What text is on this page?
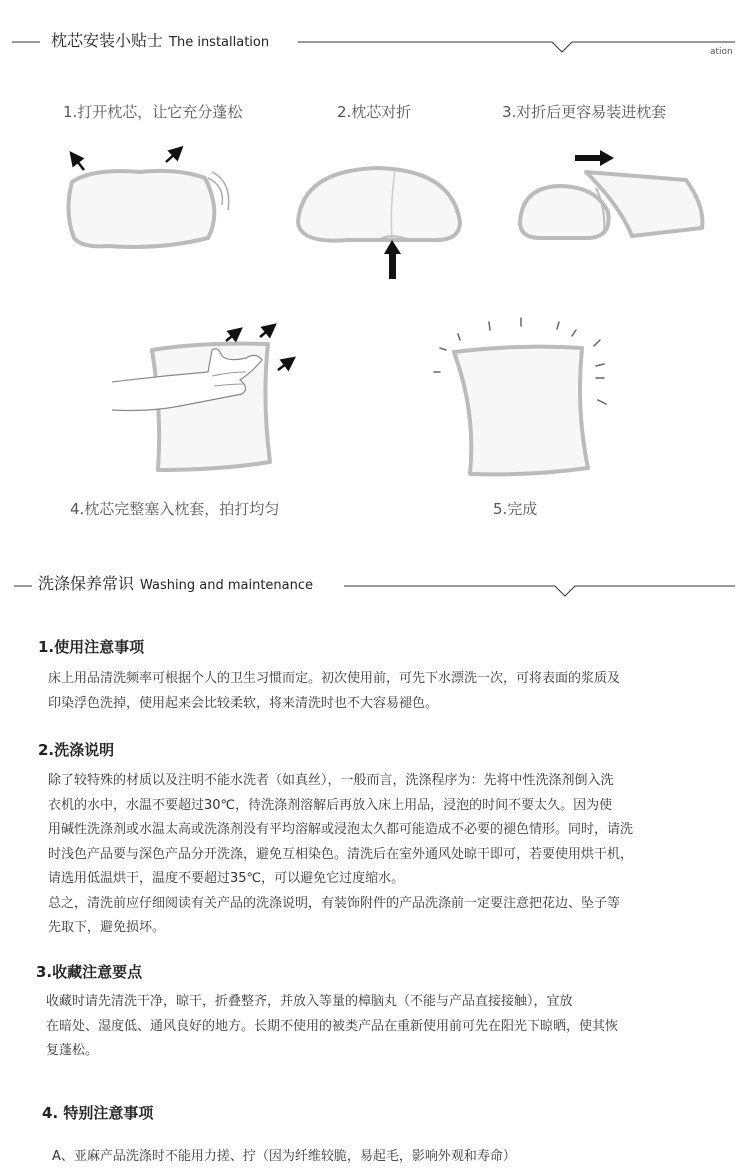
枕芯安装小贴士 The installation
ation
1.打开枕芯，让它充分蓬松	2.枕芯对折	3.对折后更容易装进枕套
4.枕芯完整塞入枕套，拍打均匀	5.完成
洗涤保养常识 Washing and maintenance
1.使用注意事项

床上用品清洗频率可根据个人的卫生习惯而定。初次使用前，可先下水漂洗一次，可将表面的浆质及

印染浮色洗掉，使用起来会比较柔软，将来清洗时也不大容易褪色。

2.洗涤说明

除了较特殊的材质以及注明不能水洗者（如真丝），一般而言，洗涤程序为：先将中性洗涤剂倒入洗

衣机的水中，水温不要超过30℃，待洗涤剂溶解后再放入床上用品，浸泡的时间不要太久。因为使

用碱性洗涤剂或水温太高或洗涤剂没有平均溶解或浸泡太久都可能造成不必要的褪色情形。同时，请洗

时浅色产品要与深色产品分开洗涤，避免互相染色。清洗后在室外通风处晾干即可，若要使用烘干机，

请选用低温烘干，温度不要超过35℃，可以避免它过度缩水。

总之，清洗前应仔细阅读有关产品的洗涤说明，有装饰附件的产品洗涤前一定要注意把花边、坠子等

先取下，避免损坏。

3.收藏注意要点

收藏时请先清洗干净，晾干，折叠整齐，并放入等量的樟脑丸（不能与产品直接接触），宜放

在暗处、湿度低、通风良好的地方。长期不使用的被类产品在重新使用前可先在阳光下晾晒，使其恢

复蓬松。

4. 特别注意事项

A、亚麻产品洗涤时不能用力搓、拧（因为纤维较脆，易起毛，影响外观和寿命）
